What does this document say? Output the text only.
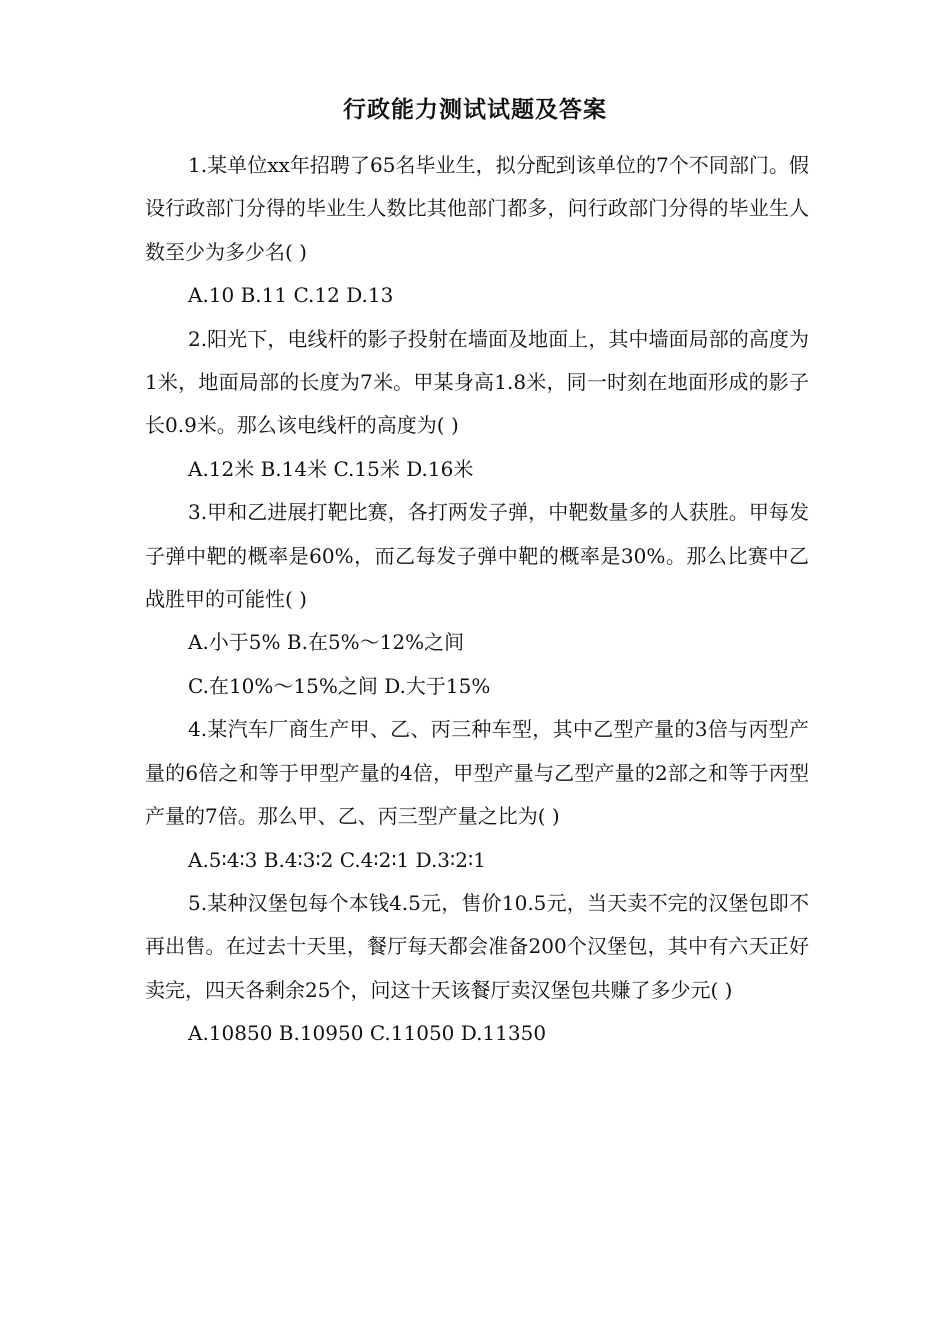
行政能力测试试题及答案

1.某单位xx年招聘了65名毕业生，拟分配到该单位的7个不同部门。假设行政部门分得的毕业生人数比其他部门都多，问行政部门分得的毕业生人数至少为多少名( )

A.10 B.11 C.12 D.13

2.阳光下，电线杆的影子投射在墙面及地面上，其中墙面局部的高度为1米，地面局部的长度为7米。甲某身高1.8米，同一时刻在地面形成的影子长0.9米。那么该电线杆的高度为( )

A.12米 B.14米 C.15米 D.16米

3.甲和乙进展打靶比赛，各打两发子弹，中靶数量多的人获胜。甲每发子弹中靶的概率是60%，而乙每发子弹中靶的概率是30%。那么比赛中乙战胜甲的可能性( )

A.小于5% B.在5%～12%之间

C.在10%～15%之间 D.大于15%

4.某汽车厂商生产甲、乙、丙三种车型，其中乙型产量的3倍与丙型产量的6倍之和等于甲型产量的4倍，甲型产量与乙型产量的2部之和等于丙型产量的7倍。那么甲、乙、丙三型产量之比为( )

A.5∶4∶3 B.4∶3∶2 C.4∶2∶1 D.3∶2∶1

5.某种汉堡包每个本钱4.5元，售价10.5元，当天卖不完的汉堡包即不再出售。在过去十天里，餐厅每天都会准备200个汉堡包，其中有六天正好卖完，四天各剩余25个，问这十天该餐厅卖汉堡包共赚了多少元( )

A.10850 B.10950 C.11050 D.11350
